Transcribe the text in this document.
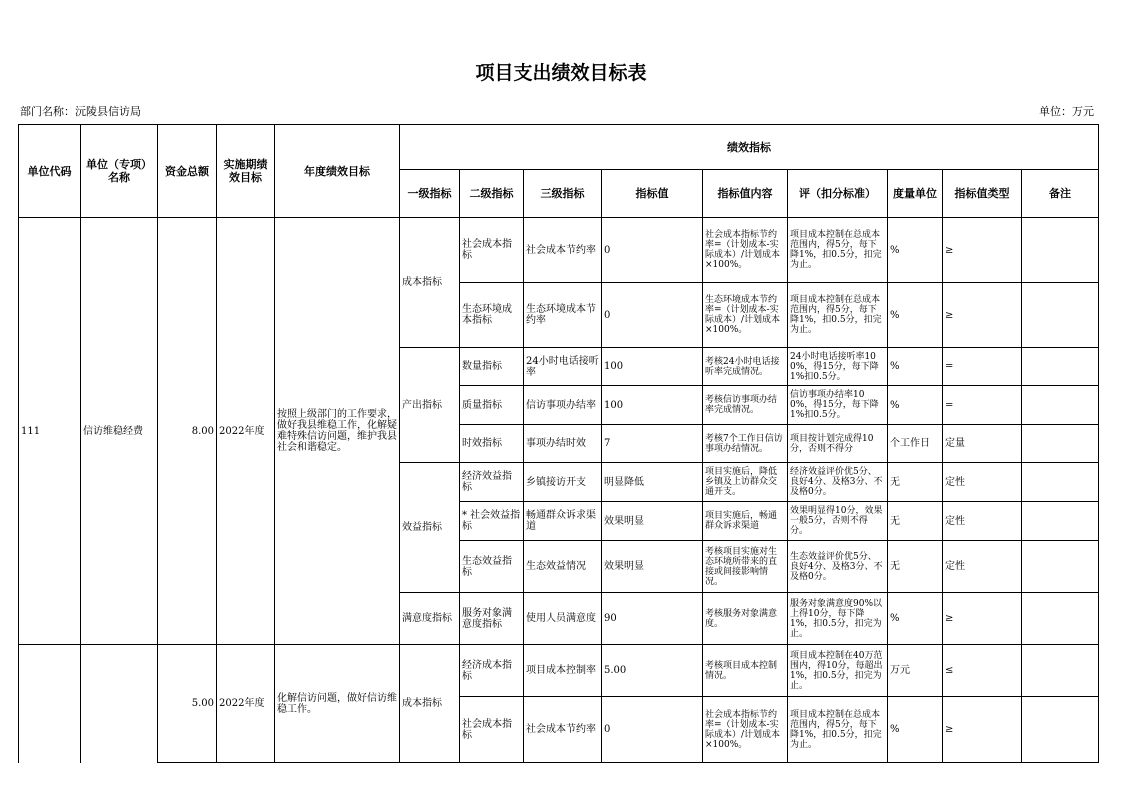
项目支出绩效目标表
部门名称：沅陵县信访局	单位：万元
单位代码	单位（专项）名称	资金总额	实施期绩效目标	年度绩效目标	绩效指标								
					一级指标	二级指标	三级指标	指标值	指标值内容	评（扣分标准）	度量单位	指标值类型	备注
111	信访维稳经费	8.00	2022年度	按照上级部门的工作要求，做好我县维稳工作，化解疑难特殊信访问题，维护我县社会和谐稳定。	成本指标	社会成本指标	社会成本节约率	0	社会成本指标节约率=（计划成本-实际成本）/计划成本×100%。	项目成本控制在总成本范围内，得5分，每下降1%，扣0.5分，扣完为止。	%	≥	
						生态环境成本指标	生态环境成本节约率	0	生态环境成本节约率=（计划成本-实际成本）/计划成本×100%。	项目成本控制在总成本范围内，得5分，每下降1%，扣0.5分，扣完为止。	%	≥	
					产出指标	数量指标	24小时电话接听率	100	考核24小时电话接听率完成情况。	24小时电话接听率100%，得15分，每下降1%扣0.5分。	%	=	
						质量指标	信访事项办结率	100	考核信访事项办结率完成情况。	信访事项办结率100%，得15分，每下降1%扣0.5分。	%	=	
						时效指标	事项办结时效	7	考核7个工作日信访事项办结情况。	项目按计划完成得10分，否则不得分	个工作日	定量	
					效益指标	经济效益指标	乡镇接访开支	明显降低	项目实施后，降低乡镇及上访群众交通开支。	经济效益评价优5分、良好4分、及格3分、不及格0分。	无	定性	
						* 社会效益指标	畅通群众诉求渠道	效果明显	项目实施后，畅通群众诉求渠道	效果明显得10分，效果一般5分，否则不得分。	无	定性	
						生态效益指标	生态效益情况	效果明显	考核项目实施对生态环境所带来的直接或间接影响情况。	生态效益评价优5分、良好4分、及格3分、不及格0分。	无	定性	
					满意度指标	服务对象满意度指标	使用人员满意度	90	考核服务对象满意度。	服务对象满意度90%以上得10分，每下降1%，扣0.5分，扣完为止。	%	≥	
		5.00	2022年度	化解信访问题，做好信访维稳工作。	成本指标	经济成本指标	项目成本控制率	5.00	考核项目成本控制情况。	项目成本控制在40万范围内，得10分，每超出1%，扣0.5分，扣完为止。	万元	≤	
						社会成本指标	社会成本节约率	0	社会成本指标节约率=（计划成本-实际成本）/计划成本×100%。	项目成本控制在总成本范围内，得5分，每下降1%，扣0.5分，扣完为止。	%	≥	
